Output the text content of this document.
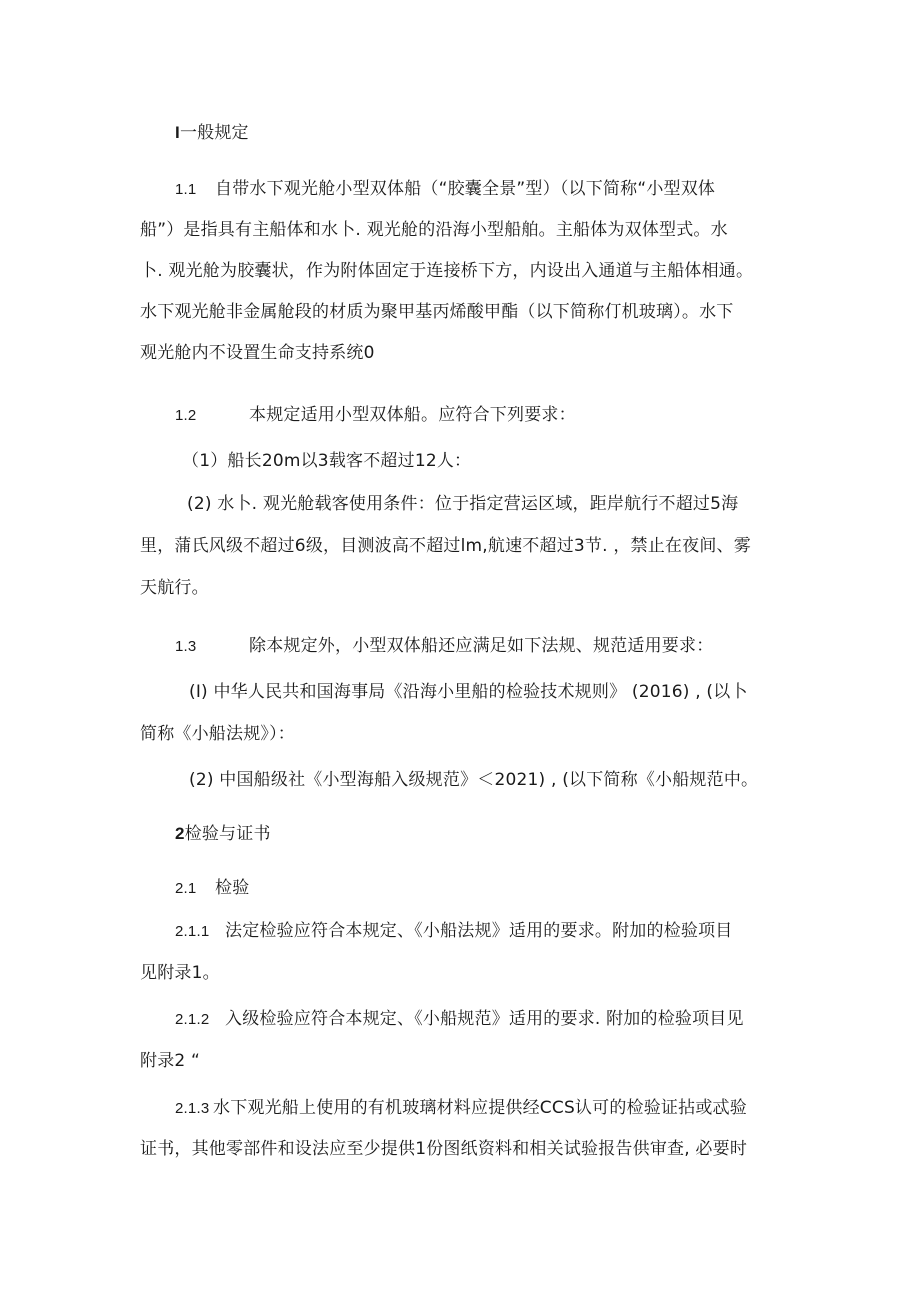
I一般规定
1.1 自带水下观光舱小型双体船（“胶囊全景”型）（以下简称“小型双体
船”）是指具有主船体和水卜. 观光舱的沿海小型船舶。主船体为双体型式。水
卜. 观光舱为胶囊状，作为附体固定于连接桥下方，内设出入通道与主船体相通。
水下观光舱非金属舱段的材质为聚甲基丙烯酸甲酯（以下简称仃机玻璃）。水下
观光舱内不设置生命支持系统0
1.2	本规定适用小型双体船。应符合下列要求：
（1）船长20m以3载客不超过12人：
(2) 水卜. 观光舱载客使用条件：位于指定营运区域，距岸航行不超过5海
里，蒲氏风级不超过6级，目测波高不超过lm,航速不超过3节. ，禁止在夜间、雾
天航行。
1.3	除本规定外，小型双体船还应满足如下法规、规范适用要求：
(I) 中华人民共和国海事局《沿海小里船的检验技术规则》 (2016) , (以卜
简称《小船法规》）：
(2) 中国船级社《小型海船入级规范》＜2021) , (以下简称《小船规范中。
2检验与证书
2.1 检验
2.1.1 法定检验应符合本规定、《小船法规》适用的要求。附加的检验项目
见附录1。
2.1.2 入级检验应符合本规定、《小船规范》适用的要求. 附加的检验项目见
附录2 “
2.1.3 水下观光船上使用的有机玻璃材料应提供经CCS认可的检验证拈或忒验
证书，其他零部件和设法应至少提供1份图纸资料和相关试验报告供审查, 必要时
